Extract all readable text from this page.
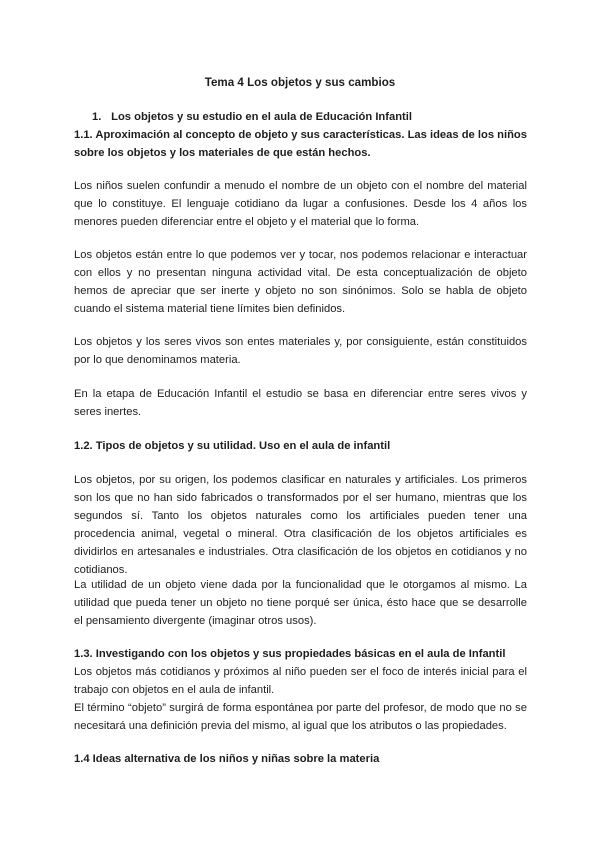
Tema 4 Los objetos y sus cambios
1. Los objetos y su estudio en el aula de Educación Infantil

1.1. Aproximación al concepto de objeto y sus características. Las ideas de los niños sobre los objetos y los materiales de que están hechos.

Los niños suelen confundir a menudo el nombre de un objeto con el nombre del material que lo constituye. El lenguaje cotidiano da lugar a confusiones. Desde los 4 años los menores pueden diferenciar entre el objeto y el material que lo forma.

Los objetos están entre lo que podemos ver y tocar, nos podemos relacionar e interactuar con ellos y no presentan ninguna actividad vital. De esta conceptualización de objeto hemos de apreciar que ser inerte y objeto no son sinónimos. Solo se habla de objeto cuando el sistema material tiene límites bien definidos.

Los objetos y los seres vivos son entes materiales y, por consiguiente, están constituidos por lo que denominamos materia.

En la etapa de Educación Infantil el estudio se basa en diferenciar entre seres vivos y seres inertes.

1.2. Tipos de objetos y su utilidad. Uso en el aula de infantil

Los objetos, por su origen, los podemos clasificar en naturales y artificiales. Los primeros son los que no han sido fabricados o transformados por el ser humano, mientras que los segundos sí. Tanto los objetos naturales como los artificiales pueden tener una procedencia animal, vegetal o mineral. Otra clasificación de los objetos artificiales es dividirlos en artesanales e industriales. Otra clasificación de los objetos en cotidianos y no cotidianos.

La utilidad de un objeto viene dada por la funcionalidad que le otorgamos al mismo. La utilidad que pueda tener un objeto no tiene porqué ser única, ésto hace que se desarrolle el pensamiento divergente (imaginar otros usos).

1.3. Investigando con los objetos y sus propiedades básicas en el aula de Infantil

Los objetos más cotidianos y próximos al niño pueden ser el foco de interés inicial para el trabajo con objetos en el aula de infantil.

El término “objeto” surgirá de forma espontánea por parte del profesor, de modo que no se necesitará una definición previa del mismo, al igual que los atributos o las propiedades.

1.4 Ideas alternativa de los niños y niñas sobre la materia
